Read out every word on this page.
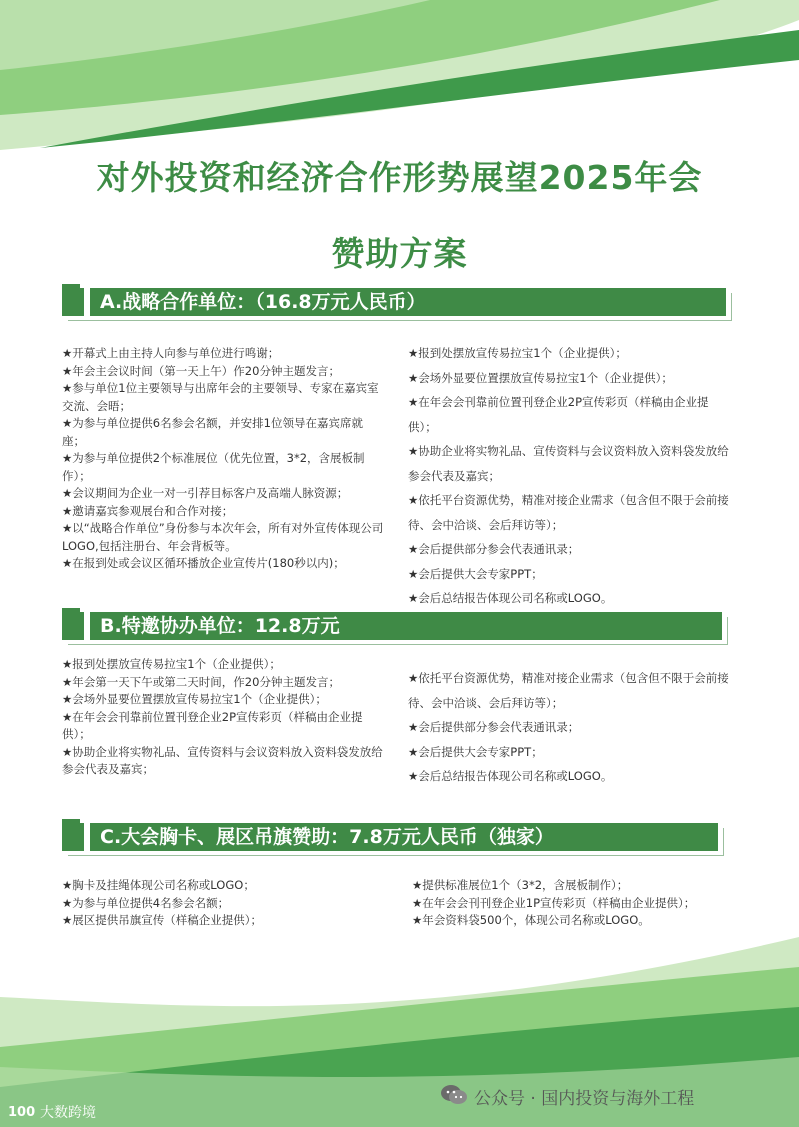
对外投资和经济合作形势展望2025年会
赞助方案
A.战略合作单位：（16.8万元人民币）

★开幕式上由主持人向参与单位进行鸣谢；

★年会主会议时间（第一天上午）作20分钟主题发言；

★参与单位1位主要领导与出席年会的主要领导、专家在嘉宾室交流、会晤；

★为参与单位提供6名参会名额，并安排1位领导在嘉宾席就座；

★为参与单位提供2个标准展位（优先位置，3*2，含展板制作）；

★会议期间为企业一对一引荐目标客户及高端人脉资源；

★邀请嘉宾参观展台和合作对接；

★以“战略合作单位”身份参与本次年会，所有对外宣传体现公司LOGO,包括注册台、年会背板等。

★在报到处或会议区循环播放企业宣传片(180秒以内)；

★报到处摆放宣传易拉宝1个（企业提供）；

★会场外显要位置摆放宣传易拉宝1个（企业提供）；

★在年会会刊靠前位置刊登企业2P宣传彩页（样稿由企业提供）；

★协助企业将实物礼品、宣传资料与会议资料放入资料袋发放给参会代表及嘉宾；

★依托平台资源优势，精准对接企业需求（包含但不限于会前接待、会中洽谈、会后拜访等）；

★会后提供部分参会代表通讯录；

★会后提供大会专家PPT；

★会后总结报告体现公司名称或LOGO。

B.特邀协办单位：12.8万元

★报到处摆放宣传易拉宝1个（企业提供）；

★年会第一天下午或第二天时间，作20分钟主题发言；

★会场外显要位置摆放宣传易拉宝1个（企业提供）；

★在年会会刊靠前位置刊登企业2P宣传彩页（样稿由企业提供）；

★协助企业将实物礼品、宣传资料与会议资料放入资料袋发放给参会代表及嘉宾；

★依托平台资源优势，精准对接企业需求（包含但不限于会前接待、会中洽谈、会后拜访等）；

★会后提供部分参会代表通讯录；

★会后提供大会专家PPT；

★会后总结报告体现公司名称或LOGO。

C.大会胸卡、展区吊旗赞助：7.8万元人民币（独家）

★胸卡及挂绳体现公司名称或LOGO；

★为参与单位提供4名参会名额；

★展区提供吊旗宣传（样稿企业提供）；

★提供标准展位1个（3*2，含展板制作）；

★在年会会刊刊登企业1P宣传彩页（样稿由企业提供）；

★年会资料袋500个，体现公司名称或LOGO。

公众号 · 国内投资与海外工程
100 大数跨境
